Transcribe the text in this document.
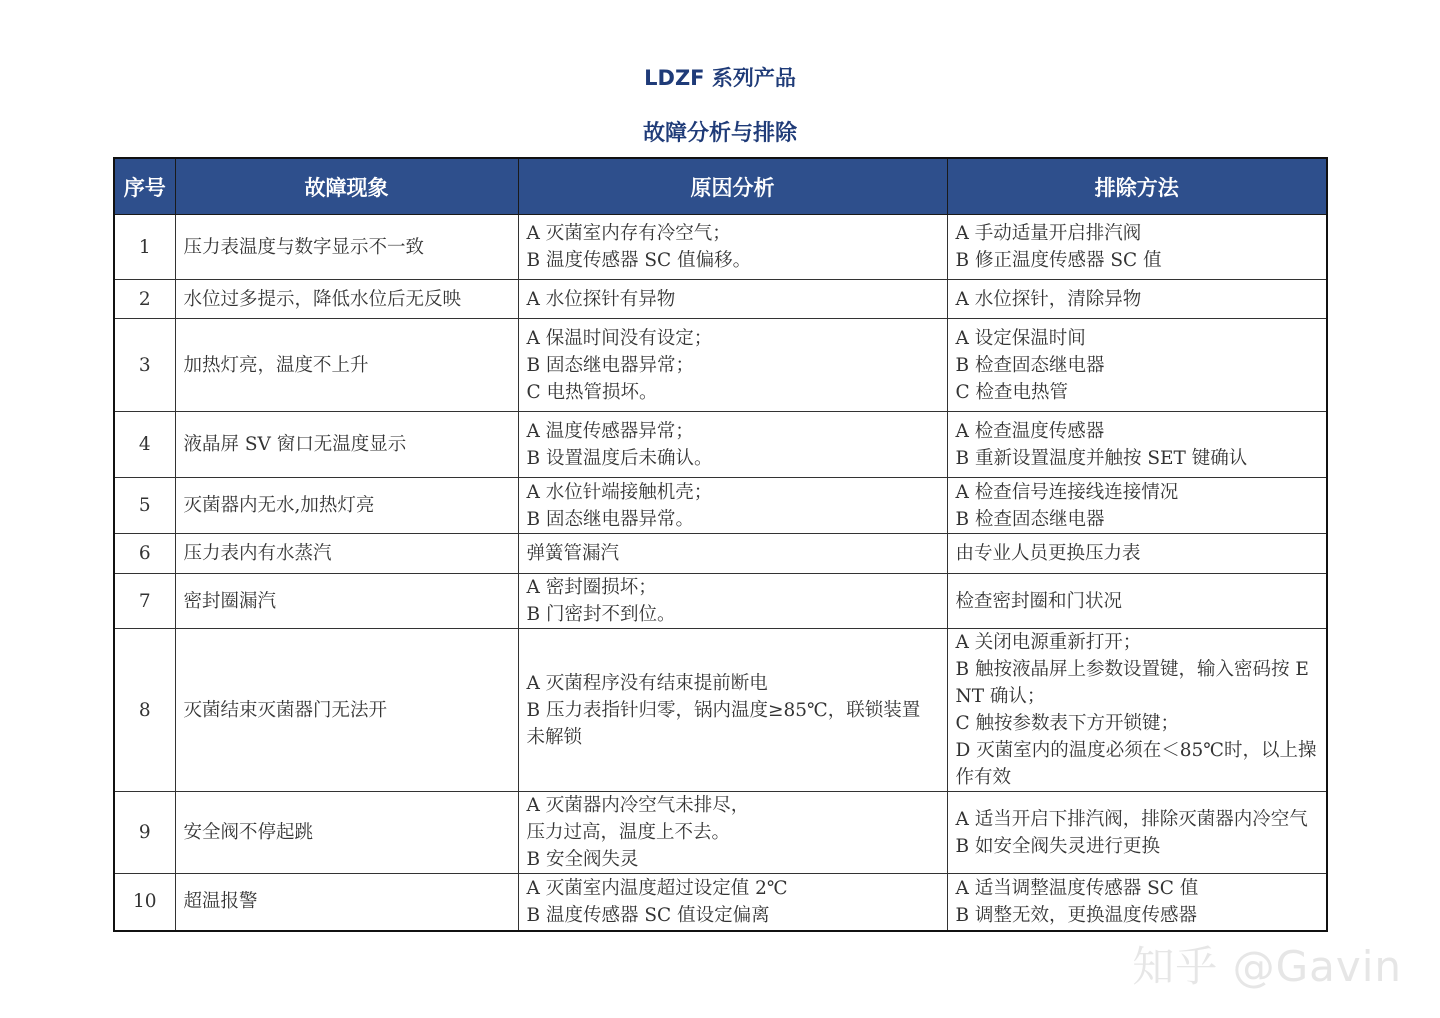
LDZF 系列产品
故障分析与排除
序号	故障现象	原因分析	排除方法
1	压力表温度与数字显示不一致	A 灭菌室内存有冷空气；
B 温度传感器 SC 值偏移。	A 手动适量开启排汽阀
B 修正温度传感器 SC 值

2	水位过多提示，降低水位后无反映	A 水位探针有异物	A 水位探针，清除异物

3	加热灯亮，温度不上升	A 保温时间没有设定；
B 固态继电器异常；
C 电热管损坏。	A 设定保温时间
B 检查固态继电器
C 检查电热管

4	液晶屏 SV 窗口无温度显示	A 温度传感器异常；
B 设置温度后未确认。	A 检查温度传感器
B 重新设置温度并触按 SET 键确认

5	灭菌器内无水,加热灯亮	A 水位针端接触机壳；
B 固态继电器异常。	A 检查信号连接线连接情况
B 检查固态继电器

6	压力表内有水蒸汽	弹簧管漏汽	由专业人员更换压力表

7	密封圈漏汽	A 密封圈损坏；
B 门密封不到位。	检查密封圈和门状况

8	灭菌结束灭菌器门无法开	A 灭菌程序没有结束提前断电
B 压力表指针归零，锅内温度≥85℃，联锁装置未解锁	A 关闭电源重新打开；
B 触按液晶屏上参数设置键，输入密码按 ENT 确认；
C 触按参数表下方开锁键；
D 灭菌室内的温度必须在＜85℃时，以上操作有效

9	安全阀不停起跳	A 灭菌器内冷空气未排尽，
压力过高，温度上不去。
B 安全阀失灵	A 适当开启下排汽阀，排除灭菌器内冷空气
B 如安全阀失灵进行更换

10	超温报警	A 灭菌室内温度超过设定值 2℃
B 温度传感器 SC 值设定偏离	A 适当调整温度传感器 SC 值
B 调整无效，更换温度传感器
知乎 @Gavin
